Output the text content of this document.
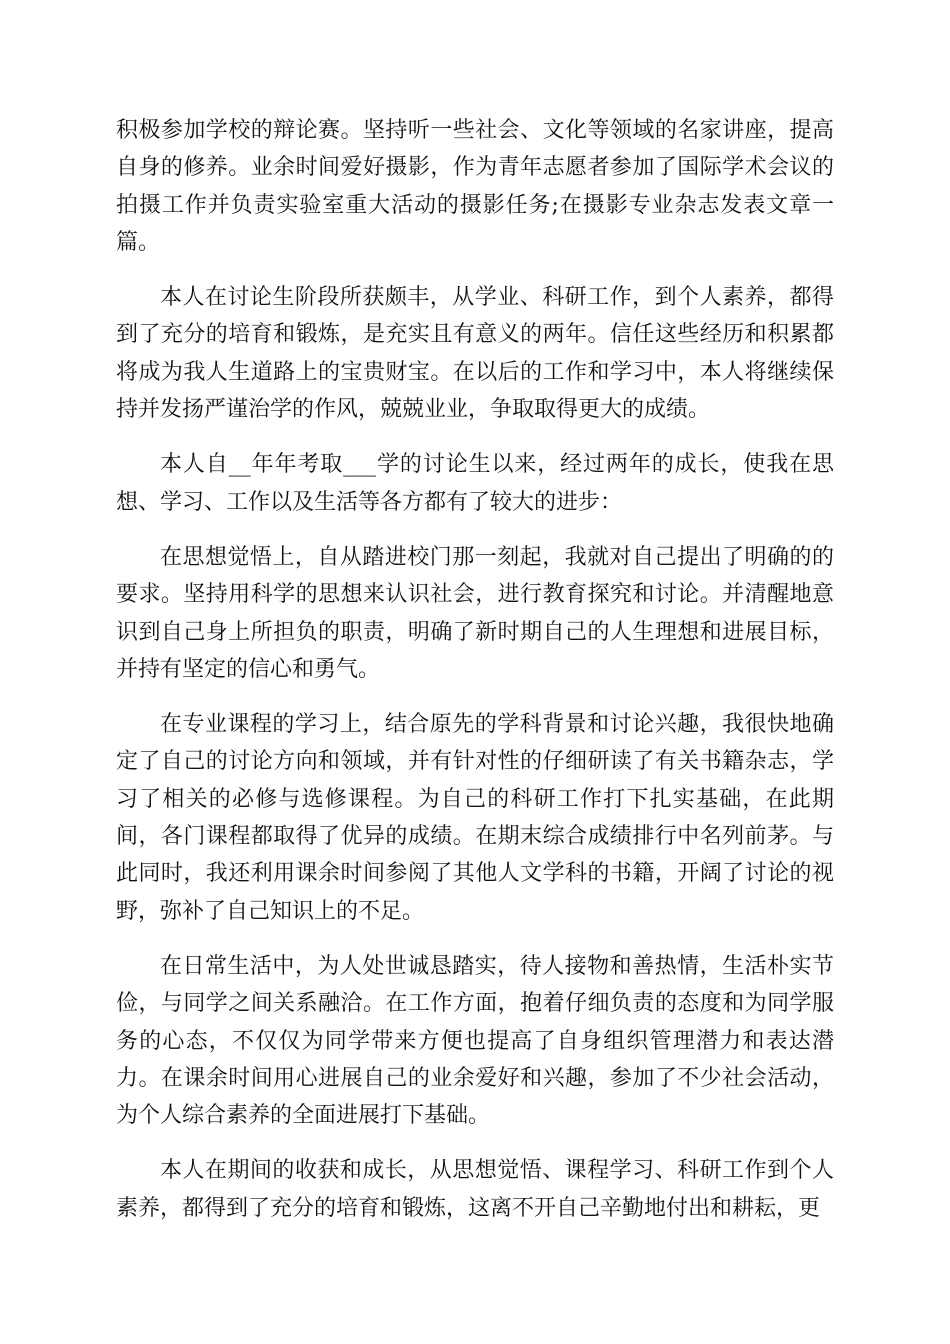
积极参加学校的辩论赛。坚持听一些社会、文化等领域的名家讲座，提高自身的修养。业余时间爱好摄影，作为青年志愿者参加了国际学术会议的拍摄工作并负责实验室重大活动的摄影任务;在摄影专业杂志发表文章一篇。

本人在讨论生阶段所获颇丰，从学业、科研工作，到个人素养，都得到了充分的培育和锻炼，是充实且有意义的两年。信任这些经历和积累都将成为我人生道路上的宝贵财宝。在以后的工作和学习中，本人将继续保持并发扬严谨治学的作风，兢兢业业，争取取得更大的成绩。

本人自__年年考取___学的讨论生以来，经过两年的成长，使我在思想、学习、工作以及生活等各方都有了较大的进步：

在思想觉悟上，自从踏进校门那一刻起，我就对自己提出了明确的的要求。坚持用科学的思想来认识社会，进行教育探究和讨论。并清醒地意识到自己身上所担负的职责，明确了新时期自己的人生理想和进展目标，并持有坚定的信心和勇气。

在专业课程的学习上，结合原先的学科背景和讨论兴趣，我很快地确定了自己的讨论方向和领域，并有针对性的仔细研读了有关书籍杂志，学习了相关的必修与选修课程。为自己的科研工作打下扎实基础，在此期间，各门课程都取得了优异的成绩。在期末综合成绩排行中名列前茅。与此同时，我还利用课余时间参阅了其他人文学科的书籍，开阔了讨论的视野，弥补了自己知识上的不足。

在日常生活中，为人处世诚恳踏实，待人接物和善热情，生活朴实节俭，与同学之间关系融洽。在工作方面，抱着仔细负责的态度和为同学服务的心态，不仅仅为同学带来方便也提高了自身组织管理潜力和表达潜力。在课余时间用心进展自己的业余爱好和兴趣，参加了不少社会活动，为个人综合素养的全面进展打下基础。

本人在期间的收获和成长，从思想觉悟、课程学习、科研工作到个人素养，都得到了充分的培育和锻炼，这离不开自己辛勤地付出和耕耘，更
